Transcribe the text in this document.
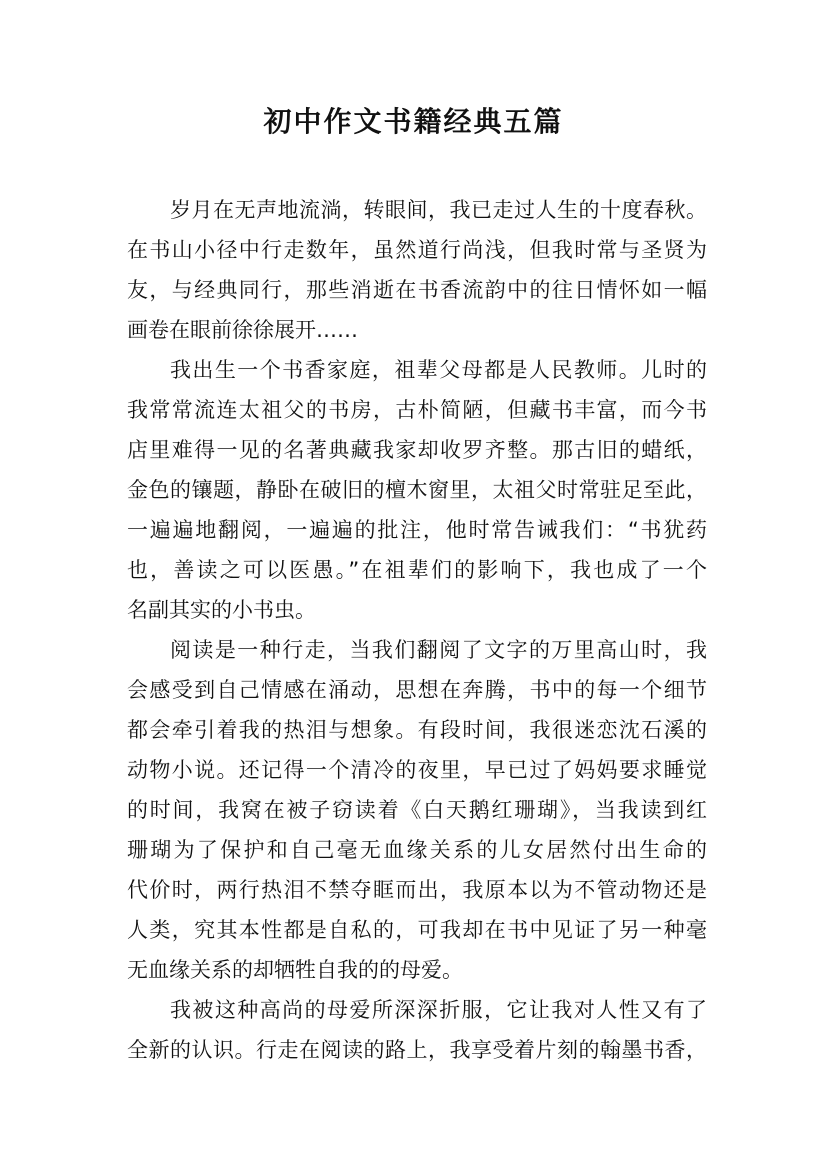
初中作文书籍经典五篇
岁月在无声地流淌，转眼间，我已走过人生的十度春秋。
在书山小径中行走数年，虽然道行尚浅，但我时常与圣贤为
友，与经典同行，那些消逝在书香流韵中的往日情怀如一幅
画卷在眼前徐徐展开……
我出生一个书香家庭，祖辈父母都是人民教师。儿时的
我常常流连太祖父的书房，古朴简陋，但藏书丰富，而今书
店里难得一见的名著典藏我家却收罗齐整。那古旧的蜡纸，
金色的镶题，静卧在破旧的檀木窗里，太祖父时常驻足至此，
一遍遍地翻阅，一遍遍的批注，他时常告诫我们：“书犹药
也，善读之可以医愚。”在祖辈们的影响下，我也成了一个
名副其实的小书虫。
阅读是一种行走，当我们翻阅了文字的万里高山时，我
会感受到自己情感在涌动，思想在奔腾，书中的每一个细节
都会牵引着我的热泪与想象。有段时间，我很迷恋沈石溪的
动物小说。还记得一个清冷的夜里，早已过了妈妈要求睡觉
的时间，我窝在被子窃读着《白天鹅红珊瑚》，当我读到红
珊瑚为了保护和自己毫无血缘关系的儿女居然付出生命的
代价时，两行热泪不禁夺眶而出，我原本以为不管动物还是
人类，究其本性都是自私的，可我却在书中见证了另一种毫
无血缘关系的却牺牲自我的的母爱。
我被这种高尚的母爱所深深折服，它让我对人性又有了
全新的认识。行走在阅读的路上，我享受着片刻的翰墨书香，
